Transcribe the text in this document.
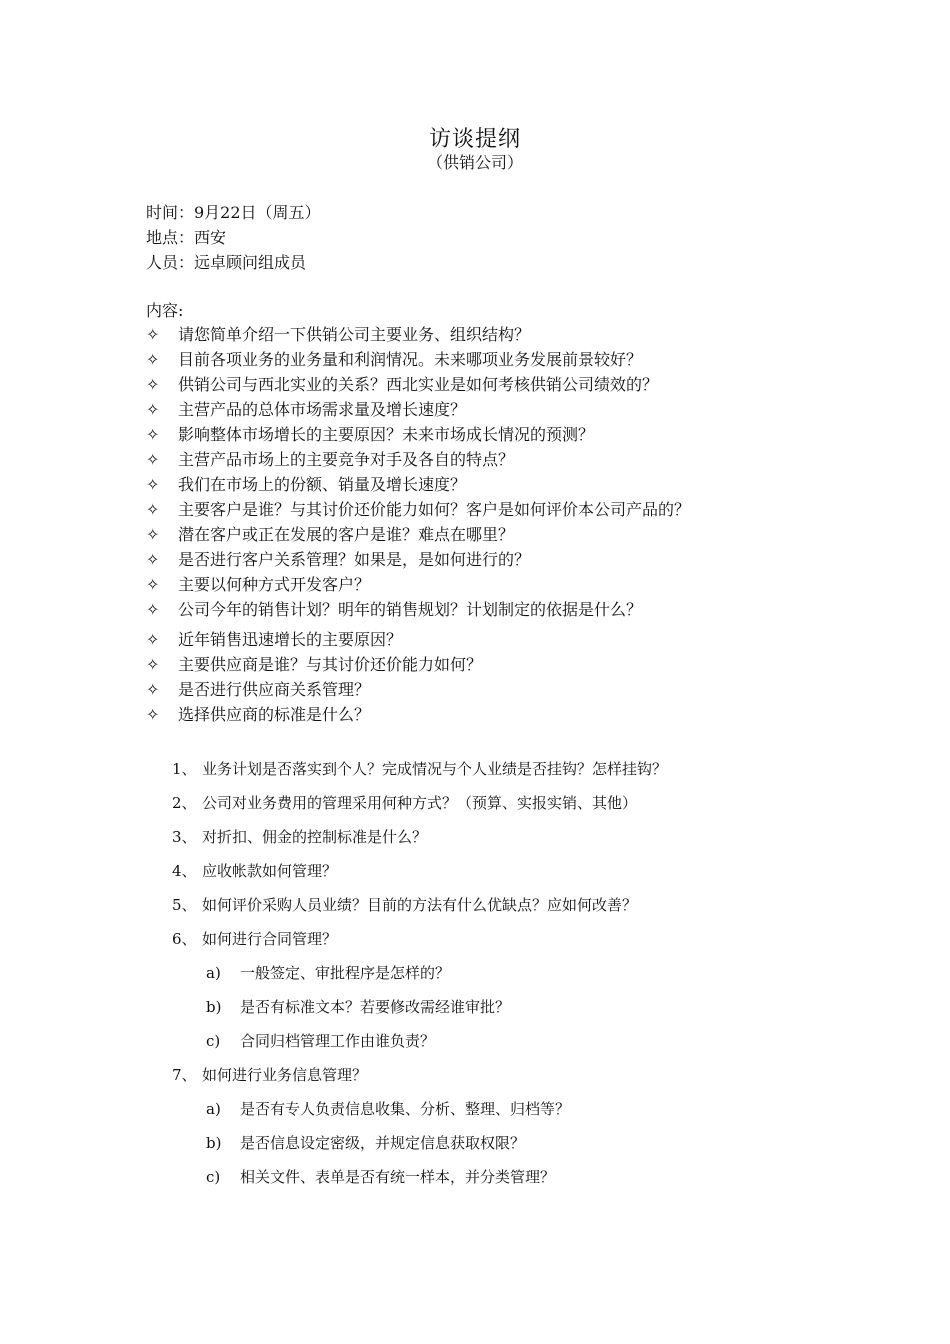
访谈提纲
（供销公司）
时间：9月22日（周五）
地点：西安
人员：远卓顾问组成员
内容:
✧	请您简单介绍一下供销公司主要业务、组织结构？
✧	目前各项业务的业务量和利润情况。未来哪项业务发展前景较好？
✧	供销公司与西北实业的关系？西北实业是如何考核供销公司绩效的？
✧	主营产品的总体市场需求量及增长速度？
✧	影响整体市场增长的主要原因？未来市场成长情况的预测？
✧	主营产品市场上的主要竞争对手及各自的特点？
✧	我们在市场上的份额、销量及增长速度？
✧	主要客户是谁？与其讨价还价能力如何？客户是如何评价本公司产品的？
✧	潜在客户或正在发展的客户是谁？难点在哪里？
✧	是否进行客户关系管理？如果是，是如何进行的？
✧	主要以何种方式开发客户？
✧	公司今年的销售计划？明年的销售规划？计划制定的依据是什么？
✧	近年销售迅速增长的主要原因？
✧	主要供应商是谁？与其讨价还价能力如何？
✧	是否进行供应商关系管理？
✧	选择供应商的标准是什么？
1、 业务计划是否落实到个人？完成情况与个人业绩是否挂钩？怎样挂钩？
2、 公司对业务费用的管理采用何种方式？（预算、实报实销、其他）
3、 对折扣、佣金的控制标准是什么？
4、 应收帐款如何管理？
5、 如何评价采购人员业绩？目前的方法有什么优缺点？应如何改善？
6、 如何进行合同管理？
a) 一般签定、审批程序是怎样的？
b) 是否有标准文本？若要修改需经谁审批？
c) 合同归档管理工作由谁负责？
7、 如何进行业务信息管理？
a) 是否有专人负责信息收集、分析、整理、归档等？
b) 是否信息设定密级，并规定信息获取权限？
c) 相关文件、表单是否有统一样本，并分类管理？
